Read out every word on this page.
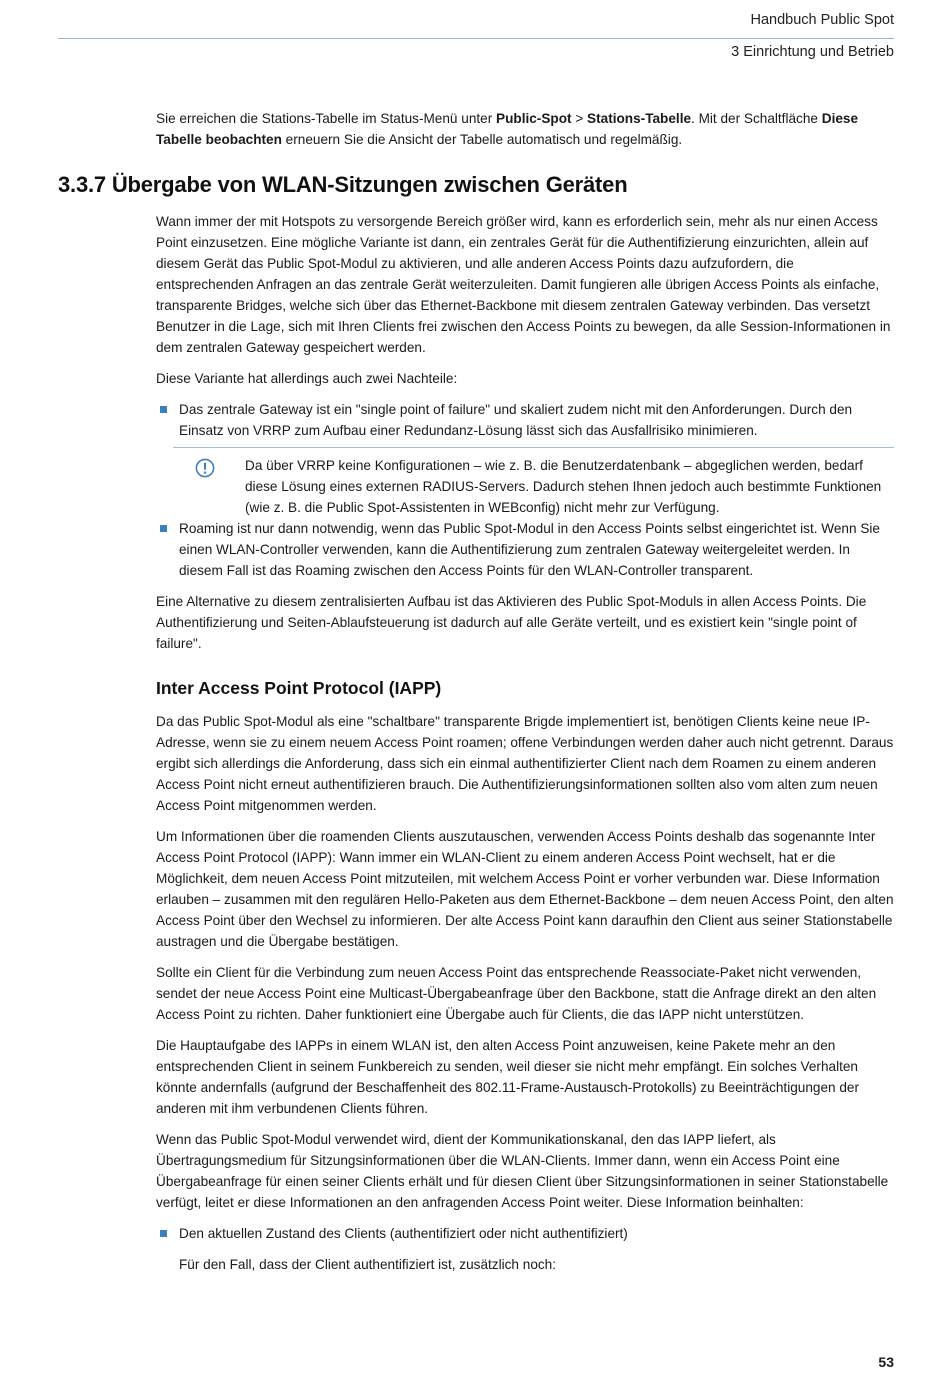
Handbuch Public Spot
3 Einrichtung und Betrieb

Sie erreichen die Stations-Tabelle im Status-Menü unter Public-Spot > Stations-Tabelle. Mit der Schaltfläche Diese Tabelle beobachten erneuern Sie die Ansicht der Tabelle automatisch und regelmäßig.

3.3.7 Übergabe von WLAN-Sitzungen zwischen Geräten

Wann immer der mit Hotspots zu versorgende Bereich größer wird, kann es erforderlich sein, mehr als nur einen Access Point einzusetzen. Eine mögliche Variante ist dann, ein zentrales Gerät für die Authentifizierung einzurichten, allein auf diesem Gerät das Public Spot-Modul zu aktivieren, und alle anderen Access Points dazu aufzufordern, die entsprechenden Anfragen an das zentrale Gerät weiterzuleiten. Damit fungieren alle übrigen Access Points als einfache, transparente Bridges, welche sich über das Ethernet-Backbone mit diesem zentralen Gateway verbinden. Das versetzt Benutzer in die Lage, sich mit Ihren Clients frei zwischen den Access Points zu bewegen, da alle Session-Informationen in dem zentralen Gateway gespeichert werden.

Diese Variante hat allerdings auch zwei Nachteile:

Das zentrale Gateway ist ein "single point of failure" und skaliert zudem nicht mit den Anforderungen. Durch den Einsatz von VRRP zum Aufbau einer Redundanz-Lösung lässt sich das Ausfallrisiko minimieren.
Da über VRRP keine Konfigurationen – wie z. B. die Benutzerdatenbank – abgeglichen werden, bedarf diese Lösung eines externen RADIUS-Servers. Dadurch stehen Ihnen jedoch auch bestimmte Funktionen (wie z. B. die Public Spot-Assistenten in WEBconfig) nicht mehr zur Verfügung.
Roaming ist nur dann notwendig, wenn das Public Spot-Modul in den Access Points selbst eingerichtet ist. Wenn Sie einen WLAN-Controller verwenden, kann die Authentifizierung zum zentralen Gateway weitergeleitet werden. In diesem Fall ist das Roaming zwischen den Access Points für den WLAN-Controller transparent.

Eine Alternative zu diesem zentralisierten Aufbau ist das Aktivieren des Public Spot-Moduls in allen Access Points. Die Authentifizierung und Seiten-Ablaufsteuerung ist dadurch auf alle Geräte verteilt, und es existiert kein "single point of failure".

Inter Access Point Protocol (IAPP)

Da das Public Spot-Modul als eine "schaltbare" transparente Brigde implementiert ist, benötigen Clients keine neue IP-Adresse, wenn sie zu einem neuem Access Point roamen; offene Verbindungen werden daher auch nicht getrennt. Daraus ergibt sich allerdings die Anforderung, dass sich ein einmal authentifizierter Client nach dem Roamen zu einem anderen Access Point nicht erneut authentifizieren brauch. Die Authentifizierungsinformationen sollten also vom alten zum neuen Access Point mitgenommen werden.

Um Informationen über die roamenden Clients auszutauschen, verwenden Access Points deshalb das sogenannte Inter Access Point Protocol (IAPP): Wann immer ein WLAN-Client zu einem anderen Access Point wechselt, hat er die Möglichkeit, dem neuen Access Point mitzuteilen, mit welchem Access Point er vorher verbunden war. Diese Information erlauben – zusammen mit den regulären Hello-Paketen aus dem Ethernet-Backbone – dem neuen Access Point, den alten Access Point über den Wechsel zu informieren. Der alte Access Point kann daraufhin den Client aus seiner Stationstabelle austragen und die Übergabe bestätigen.

Sollte ein Client für die Verbindung zum neuen Access Point das entsprechende Reassociate-Paket nicht verwenden, sendet der neue Access Point eine Multicast-Übergabeanfrage über den Backbone, statt die Anfrage direkt an den alten Access Point zu richten. Daher funktioniert eine Übergabe auch für Clients, die das IAPP nicht unterstützen.

Die Hauptaufgabe des IAPPs in einem WLAN ist, den alten Access Point anzuweisen, keine Pakete mehr an den entsprechenden Client in seinem Funkbereich zu senden, weil dieser sie nicht mehr empfängt. Ein solches Verhalten könnte andernfalls (aufgrund der Beschaffenheit des 802.11-Frame-Austausch-Protokolls) zu Beeinträchtigungen der anderen mit ihm verbundenen Clients führen.

Wenn das Public Spot-Modul verwendet wird, dient der Kommunikationskanal, den das IAPP liefert, als Übertragungsmedium für Sitzungsinformationen über die WLAN-Clients. Immer dann, wenn ein Access Point eine Übergabeanfrage für einen seiner Clients erhält und für diesen Client über Sitzungsinformationen in seiner Stationstabelle verfügt, leitet er diese Informationen an den anfragenden Access Point weiter. Diese Information beinhalten:

Den aktuellen Zustand des Clients (authentifiziert oder nicht authentifiziert)

Für den Fall, dass der Client authentifiziert ist, zusätzlich noch:

53
